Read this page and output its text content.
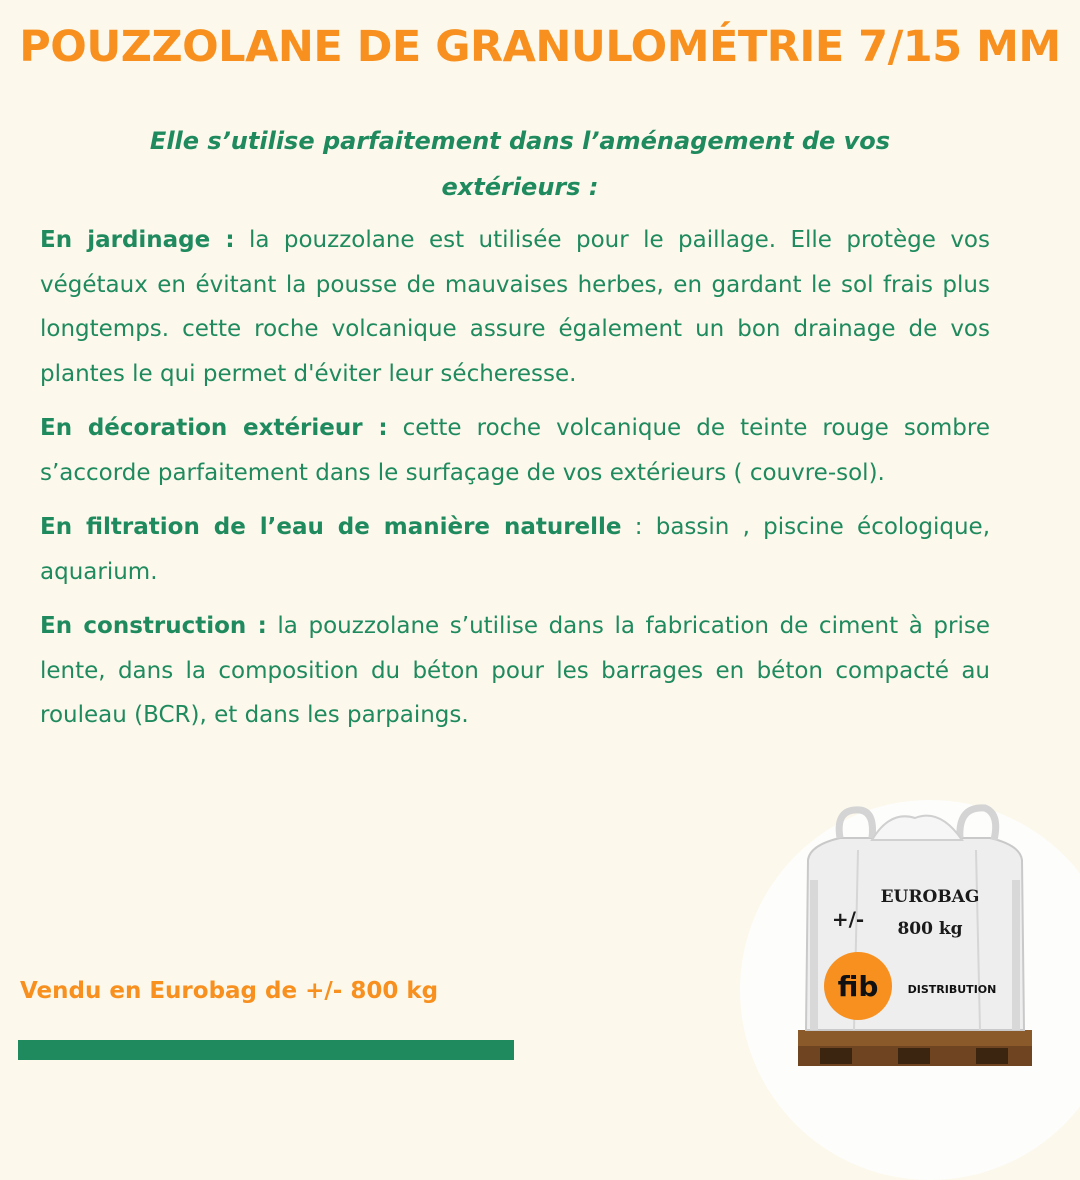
POUZZOLANE DE GRANULOMÉTRIE 7/15 MM
Elle s’utilise parfaitement dans l’aménagement de vos extérieurs :

En jardinage : la pouzzolane est utilisée pour le paillage. Elle protège vos végétaux en évitant la pousse de mauvaises herbes, en gardant le sol frais plus longtemps. cette roche volcanique assure également un bon drainage de vos plantes le qui permet d'éviter leur sécheresse.

En décoration extérieur : cette roche volcanique de teinte rouge sombre s’accorde parfaitement dans le surfaçage de vos extérieurs ( couvre-sol).

En filtration de l’eau de manière naturelle : bassin , piscine écologique, aquarium.

En construction : la pouzzolane s’utilise dans la fabrication de ciment à prise lente, dans la composition du béton pour les barrages en béton compacté au rouleau (BCR), et dans les parpaings.

EUROBAG
+/- 800 kg
fib	DISTRIBUTION
Vendu en Eurobag de +/- 800 kg
